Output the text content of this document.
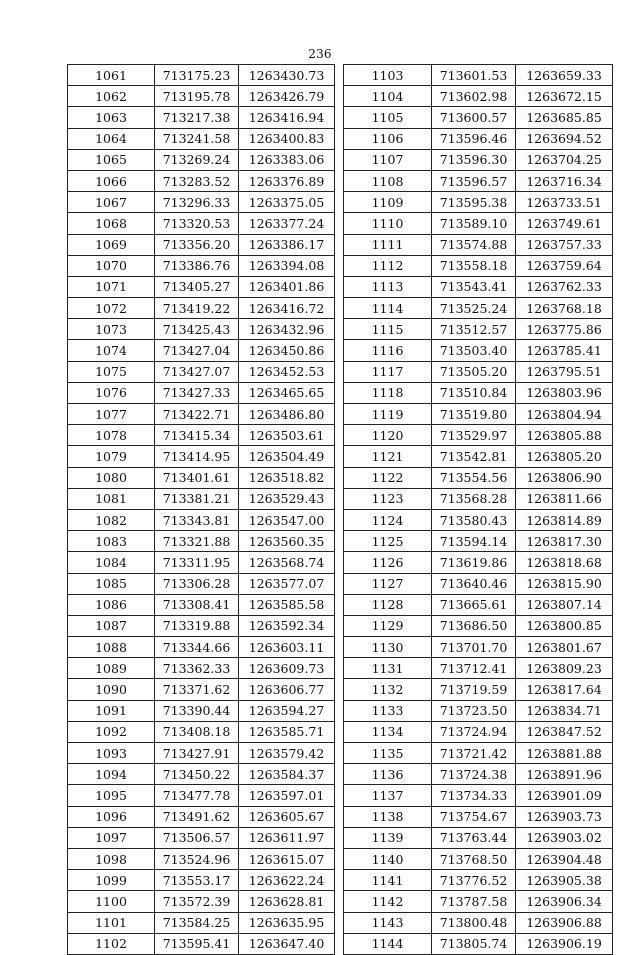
236
1061	713175.23	1263430.73
1062	713195.78	1263426.79
1063	713217.38	1263416.94
1064	713241.58	1263400.83
1065	713269.24	1263383.06
1066	713283.52	1263376.89
1067	713296.33	1263375.05
1068	713320.53	1263377.24
1069	713356.20	1263386.17
1070	713386.76	1263394.08
1071	713405.27	1263401.86
1072	713419.22	1263416.72
1073	713425.43	1263432.96
1074	713427.04	1263450.86
1075	713427.07	1263452.53
1076	713427.33	1263465.65
1077	713422.71	1263486.80
1078	713415.34	1263503.61
1079	713414.95	1263504.49
1080	713401.61	1263518.82
1081	713381.21	1263529.43
1082	713343.81	1263547.00
1083	713321.88	1263560.35
1084	713311.95	1263568.74
1085	713306.28	1263577.07
1086	713308.41	1263585.58
1087	713319.88	1263592.34
1088	713344.66	1263603.11
1089	713362.33	1263609.73
1090	713371.62	1263606.77
1091	713390.44	1263594.27
1092	713408.18	1263585.71
1093	713427.91	1263579.42
1094	713450.22	1263584.37
1095	713477.78	1263597.01
1096	713491.62	1263605.67
1097	713506.57	1263611.97
1098	713524.96	1263615.07
1099	713553.17	1263622.24
1100	713572.39	1263628.81
1101	713584.25	1263635.95
1102	713595.41	1263647.40
1103	713601.53	1263659.33
1104	713602.98	1263672.15
1105	713600.57	1263685.85
1106	713596.46	1263694.52
1107	713596.30	1263704.25
1108	713596.57	1263716.34
1109	713595.38	1263733.51
1110	713589.10	1263749.61
1111	713574.88	1263757.33
1112	713558.18	1263759.64
1113	713543.41	1263762.33
1114	713525.24	1263768.18
1115	713512.57	1263775.86
1116	713503.40	1263785.41
1117	713505.20	1263795.51
1118	713510.84	1263803.96
1119	713519.80	1263804.94
1120	713529.97	1263805.88
1121	713542.81	1263805.20
1122	713554.56	1263806.90
1123	713568.28	1263811.66
1124	713580.43	1263814.89
1125	713594.14	1263817.30
1126	713619.86	1263818.68
1127	713640.46	1263815.90
1128	713665.61	1263807.14
1129	713686.50	1263800.85
1130	713701.70	1263801.67
1131	713712.41	1263809.23
1132	713719.59	1263817.64
1133	713723.50	1263834.71
1134	713724.94	1263847.52
1135	713721.42	1263881.88
1136	713724.38	1263891.96
1137	713734.33	1263901.09
1138	713754.67	1263903.73
1139	713763.44	1263903.02
1140	713768.50	1263904.48
1141	713776.52	1263905.38
1142	713787.58	1263906.34
1143	713800.48	1263906.88
1144	713805.74	1263906.19
